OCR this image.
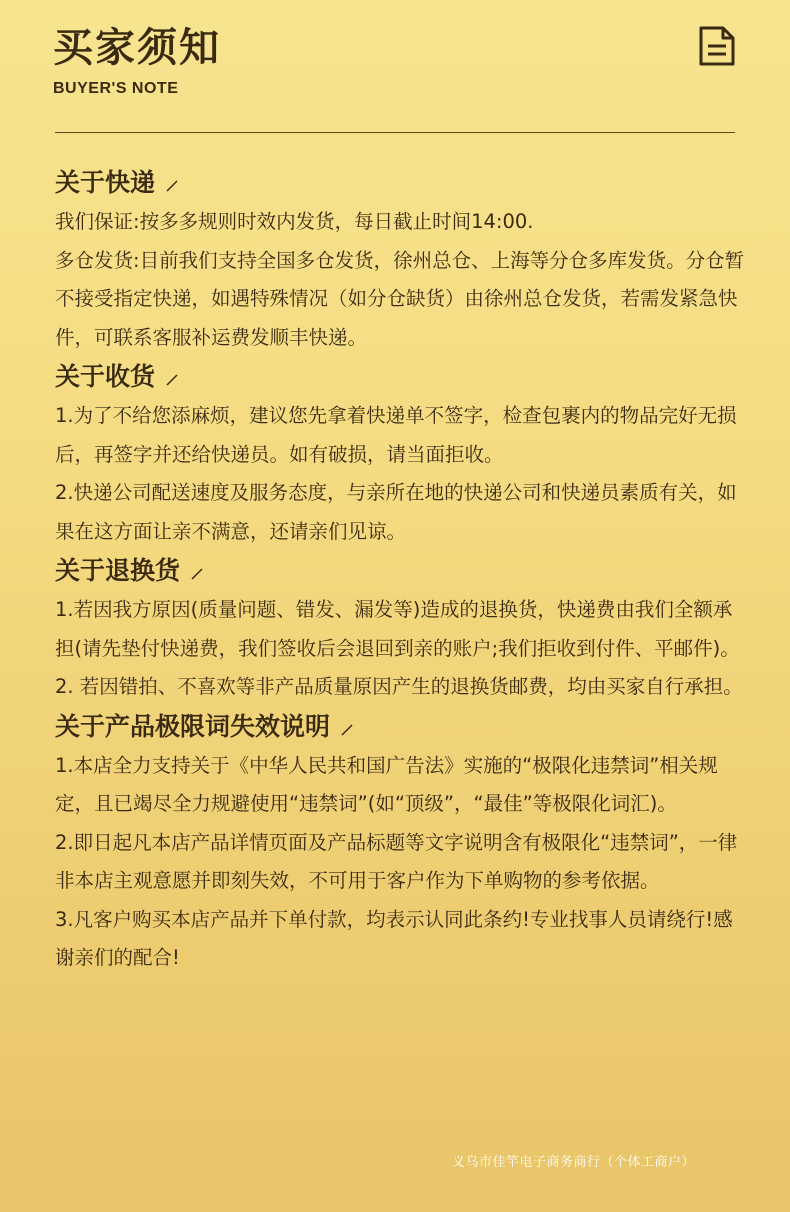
买家须知
BUYER'S NOTE
关于快递

我们保证:按多多规则时效内发货，每日截止时间14:00.

多仓发货:目前我们支持全国多仓发货，徐州总仓、上海等分仓多库发货。分仓暂不接受指定快递，如遇特殊情况（如分仓缺货）由徐州总仓发货，若需发紧急快件，可联系客服补运费发顺丰快递。

关于收货

1.为了不给您添麻烦，建议您先拿着快递单不签字，检查包裹内的物品完好无损后，再签字并还给快递员。如有破损，请当面拒收。

2.快递公司配送速度及服务态度，与亲所在地的快递公司和快递员素质有关，如果在这方面让亲不满意，还请亲们见谅。

关于退换货

1.若因我方原因(质量问题、错发、漏发等)造成的退换货，快递费由我们全额承担(请先垫付快递费，我们签收后会退回到亲的账户;我们拒收到付件、平邮件)。

2. 若因错拍、不喜欢等非产品质量原因产生的退换货邮费，均由买家自行承担。

关于产品极限词失效说明

1.本店全力支持关于《中华人民共和国广告法》实施的“极限化违禁词”相关规定，且已竭尽全力规避使用“违禁词”(如“顶级”，“最佳”等极限化词汇)。

2.即日起凡本店产品详情页面及产品标题等文字说明含有极限化“违禁词”，一律非本店主观意愿并即刻失效，不可用于客户作为下单购物的参考依据。

3.凡客户购买本店产品并下单付款，均表示认同此条约!专业找事人员请绕行!感谢亲们的配合!

义乌市佳竿电子商务商行（个体工商户）
